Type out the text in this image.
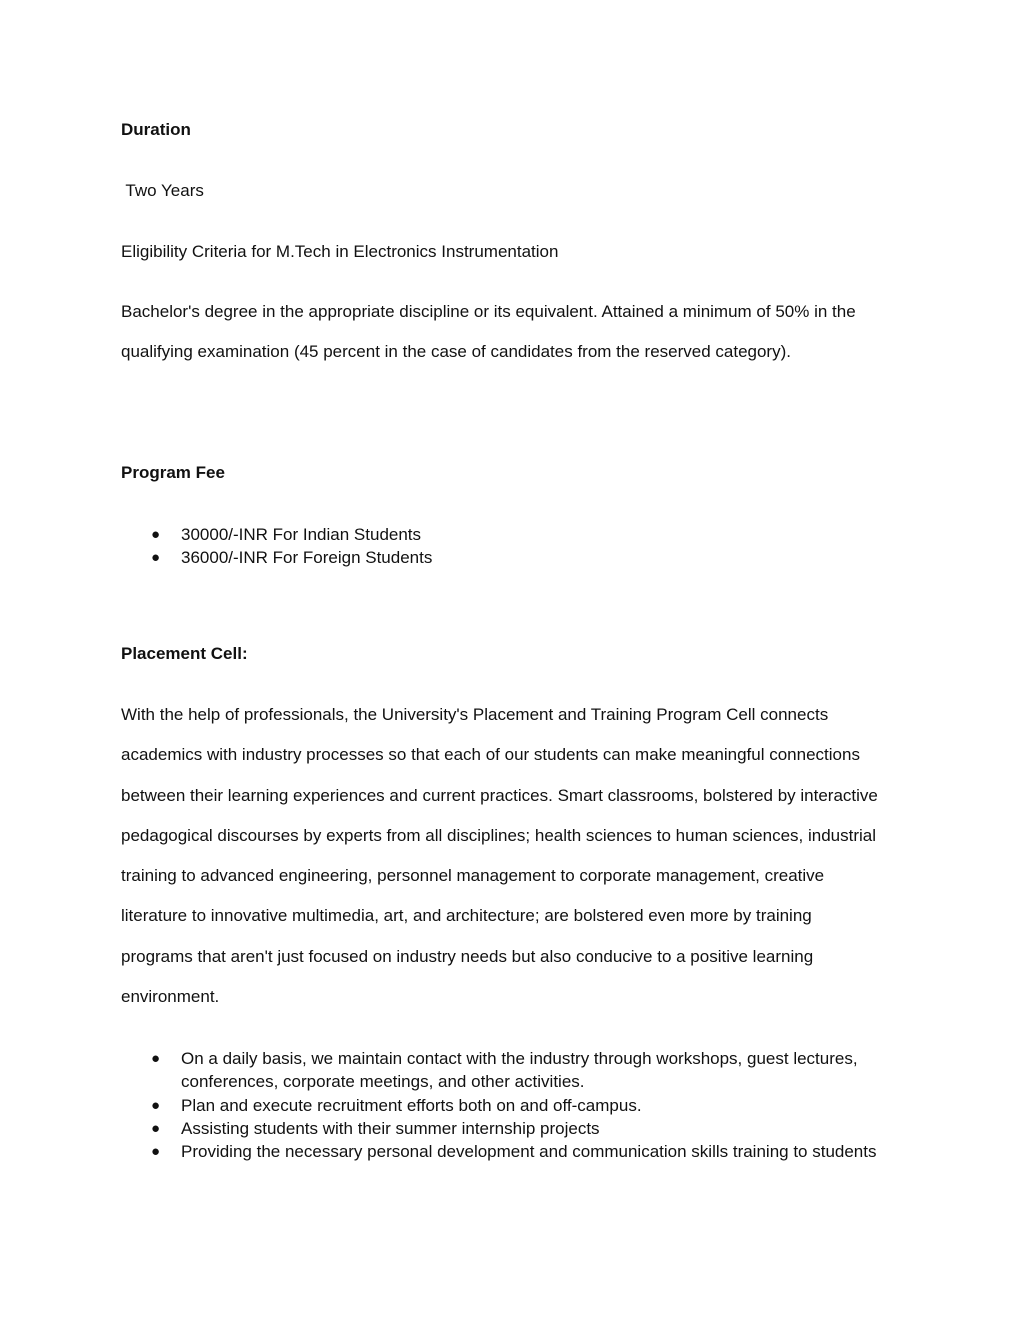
Duration

Two Years

Eligibility Criteria for M.Tech in Electronics Instrumentation

Bachelor's degree in the appropriate discipline or its equivalent. Attained a minimum of 50% in the
qualifying examination (45 percent in the case of candidates from the reserved category).

Program Fee

● 30000/-INR For Indian Students
● 36000/-INR For Foreign Students

Placement Cell:

With the help of professionals, the University's Placement and Training Program Cell connects
academics with industry processes so that each of our students can make meaningful connections
between their learning experiences and current practices. Smart classrooms, bolstered by interactive
pedagogical discourses by experts from all disciplines; health sciences to human sciences, industrial
training to advanced engineering, personnel management to corporate management, creative
literature to innovative multimedia, art, and architecture; are bolstered even more by training
programs that aren't just focused on industry needs but also conducive to a positive learning
environment.
● On a daily basis, we maintain contact with the industry through workshops, guest lectures,
conferences, corporate meetings, and other activities.
● Plan and execute recruitment efforts both on and off-campus.
● Assisting students with their summer internship projects
● Providing the necessary personal development and communication skills training to students
